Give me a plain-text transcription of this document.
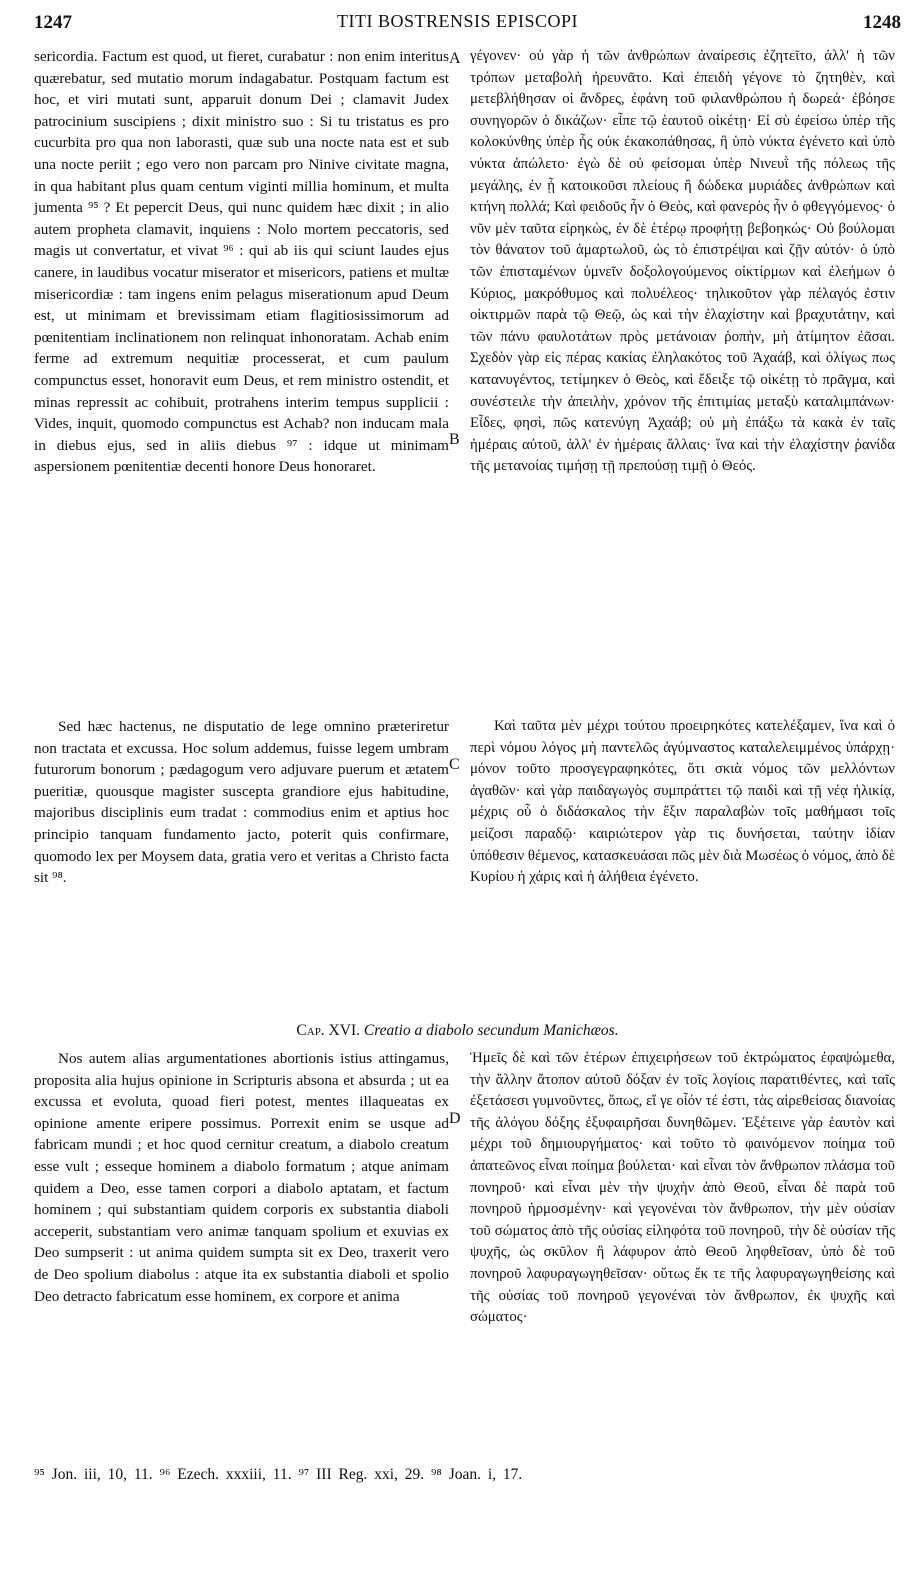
1247	TITI BOSTRENSIS EPISCOPI	1248

sericordia. Factum est quod, ut fieret, curabatur : non enim interitus quærebatur, sed mutatio morum indagabatur. Postquam factum est hoc, et viri mutati sunt, apparuit donum Dei ; clamavit Judex patrocinium suscipiens ; dixit ministro suo : Si tu tristatus es pro cucurbita pro qua non laborasti, quæ sub una nocte nata est et sub una nocte periit ; ego vero non parcam pro Ninive civitate magna, in qua habitant plus quam centum viginti millia hominum, et multa jumenta ⁹⁵ ? Et pepercit Deus, qui nunc quidem hæc dixit ; in alio autem propheta clamavit, inquiens : Nolo mortem peccatoris, sed magis ut convertatur, et vivat ⁹⁶ : qui ab iis qui sciunt laudes ejus canere, in laudibus vocatur miserator et misericors, patiens et multæ misericordiæ : tam ingens enim pelagus miserationum apud Deum est, ut minimam et brevissimam etiam flagitiosissimorum ad pœnitentiam inclinationem non relinquat inhonoratam. Achab enim ferme ad extremum nequitiæ processerat, et cum paulum compunctus esset, honoravit eum Deus, et rem ministro ostendit, et minas repressit ac cohibuit, protrahens interim tempus supplicii : Vides, inquit, quomodo compunctus est Achab? non inducam mala in diebus ejus, sed in aliis diebus ⁹⁷ : idque ut minimam aspersionem pœnitentiæ decenti honore Deus honoraret.

Sed hæc hactenus, ne disputatio de lege omnino præteriretur non tractata et excussa. Hoc solum addemus, fuisse legem umbram futurorum bonorum ; pædagogum vero adjuvare puerum et ætatem pueritiæ, quousque magister suscepta grandiore ejus habitudine, majoribus disciplinis eum tradat : commodius enim et aptius hoc principio tanquam fundamento jacto, poterit quis confirmare, quomodo lex per Moysem data, gratia vero et veritas a Christo facta sit ⁹⁸.

Nos autem alias argumentationes abortionis istius attingamus, proposita alia hujus opinione in Scripturis absona et absurda ; ut ea excussa et evoluta, quoad fieri potest, mentes illaqueatas ex opinione amente eripere possimus. Porrexit enim se usque ad fabricam mundi ; et hoc quod cernitur creatum, a diabolo creatum esse vult ; esseque hominem a diabolo formatum ; atque animam quidem a Deo, esse tamen corpori a diabolo aptatam, et factum hominem ; qui substantiam quidem corporis ex substantia diaboli acceperit, substantiam vero animæ tanquam spolium et exuvias ex Deo sumpserit : ut anima quidem sumpta sit ex Deo, traxerit vero de Deo spolium diabolus : atque ita ex substantia diaboli et spolio Deo detracto fabricatum esse hominem, ex corpore et anima

A
B
C
D

γέγονεν· οὐ γὰρ ἡ τῶν ἀνθρώπων ἀναίρεσις ἐζητεῖτο, ἀλλ' ἡ τῶν τρόπων μεταβολὴ ἠρευνᾶτο. Καὶ ἐπειδὴ γέγονε τὸ ζητηθὲν, καὶ μετεβλήθησαν οἱ ἄνδρες, ἐφάνη τοῦ φιλανθρώπου ἡ δωρεά· ἐβόησε συνηγορῶν ὁ δικάζων· εἶπε τῷ ἑαυτοῦ οἰκέτῃ· Εἰ σὺ ἐφείσω ὑπὲρ τῆς κολοκύνθης ὑπὲρ ἧς οὐκ ἐκακοπάθησας, ἣ ὑπὸ νύκτα ἐγένετο καὶ ὑπὸ νύκτα ἀπώλετο· ἐγὼ δὲ οὐ φείσομαι ὑπὲρ Νινευῒ τῆς πόλεως τῆς μεγάλης, ἐν ᾗ κατοικοῦσι πλείους ἢ δώδεκα μυριάδες ἀνθρώπων καὶ κτήνη πολλά; Καὶ φειδοῦς ἦν ὁ Θεὸς, καὶ φανερὸς ἦν ὁ φθεγγόμενος· ὁ νῦν μὲν ταῦτα εἰρηκὼς, ἐν δὲ ἑτέρῳ προφήτῃ βεβοηκώς· Οὐ βούλομαι τὸν θάνατον τοῦ ἁμαρτωλοῦ, ὡς τὸ ἐπιστρέψαι καὶ ζῇν αὐτόν· ὁ ὑπὸ τῶν ἐπισταμένων ὑμνεῖν δοξολογούμενος οἰκτίρμων καὶ ἐλεήμων ὁ Κύριος, μακρόθυμος καὶ πολυέλεος· τηλικοῦτον γὰρ πέλαγός ἐστιν οἰκτιρμῶν παρὰ τῷ Θεῷ, ὡς καὶ τὴν ἐλαχίστην καὶ βραχυτάτην, καὶ τῶν πάνυ φαυλοτάτων πρὸς μετάνοιαν ῥοπὴν, μὴ ἀτίμητον ἐᾶσαι. Σχεδὸν γὰρ εἰς πέρας κακίας ἐληλακότος τοῦ Ἀχαάβ, καὶ ὀλίγως πως κατανυγέντος, τετίμηκεν ὁ Θεὸς, καὶ ἔδειξε τῷ οἰκέτῃ τὸ πρᾶγμα, καὶ συνέστειλε τὴν ἀπειλὴν, χρόνον τῆς ἐπιτιμίας μεταξὺ καταλιμπάνων· Εἶδες, φησὶ, πῶς κατενύγη Ἀχαάβ; οὐ μὴ ἐπάξω τὰ κακὰ ἐν ταῖς ἡμέραις αὐτοῦ, ἀλλ' ἐν ἡμέραις ἄλλαις· ἵνα καὶ τὴν ἐλαχίστην ῥανίδα τῆς μετανοίας τιμήσῃ τῇ πρεπούσῃ τιμῇ ὁ Θεός.

Καὶ ταῦτα μὲν μέχρι τούτου προειρηκότες κατελέξαμεν, ἵνα καὶ ὁ περὶ νόμου λόγος μὴ παντελῶς ἀγύμναστος καταλελειμμένος ὑπάρχῃ· μόνον τοῦτο προσγεγραφηκότες, ὅτι σκιὰ νόμος τῶν μελλόντων ἀγαθῶν· καὶ γὰρ παιδαγωγὸς συμπράττει τῷ παιδὶ καὶ τῇ νέᾳ ἡλικίᾳ, μέχρις οὗ ὁ διδάσκαλος τὴν ἕξιν παραλαβὼν τοῖς μαθήμασι τοῖς μείζοσι παραδῷ· καιριώτερον γὰρ τις δυνήσεται, ταύτην ἰδίαν ὑπόθεσιν θέμενος, κατασκευάσαι πῶς μὲν διὰ Μωσέως ὁ νόμος, ἀπὸ δὲ Κυρίου ἡ χάρις καὶ ἡ ἀλήθεια ἐγένετο.

Ἡμεῖς δὲ καὶ τῶν ἑτέρων ἐπιχειρήσεων τοῦ ἐκτρώματος ἐφαψώμεθα, τὴν ἄλλην ἄτοπον αὐτοῦ δόξαν ἐν τοῖς λογίοις παρατιθέντες, καὶ ταῖς ἐξετάσεσι γυμνοῦντες, ὅπως, εἴ γε οἷόν τέ ἐστι, τὰς αἱρεθείσας διανοίας τῆς ἀλόγου δόξης ἐξυφαιρῆσαι δυνηθῶμεν. Ἐξέτεινε γὰρ ἑαυτὸν καὶ μέχρι τοῦ δημιουργήματος· καὶ τοῦτο τὸ φαινόμενον ποίημα τοῦ ἀπατεῶνος εἶναι ποίημα βούλεται· καὶ εἶναι τὸν ἄνθρωπον πλάσμα τοῦ πονηροῦ· καὶ εἶναι μὲν τὴν ψυχὴν ἀπὸ Θεοῦ, εἶναι δὲ παρὰ τοῦ πονηροῦ ἡρμοσμένην· καὶ γεγονέναι τὸν ἄνθρωπον, τὴν μὲν οὐσίαν τοῦ σώματος ἀπὸ τῆς οὐσίας εἰληφότα τοῦ πονηροῦ, τὴν δὲ οὐσίαν τῆς ψυχῆς, ὡς σκῦλον ἢ λάφυρον ἀπὸ Θεοῦ ληφθεῖσαν, ὑπὸ δὲ τοῦ πονηροῦ λαφυραγωγηθεῖσαν· οὕτως ἔκ τε τῆς λαφυραγωγηθείσης καὶ τῆς οὐσίας τοῦ πονηροῦ γεγονέναι τὸν ἄνθρωπον, ἐκ ψυχῆς καὶ σώματος·

Cap. XVI. Creatio a diabolo secundum Manichæos.
⁹⁵ Jon. iii, 10, 11. ⁹⁶ Ezech. xxxiii, 11. ⁹⁷ III Reg. xxi, 29. ⁹⁸ Joan. i, 17.
